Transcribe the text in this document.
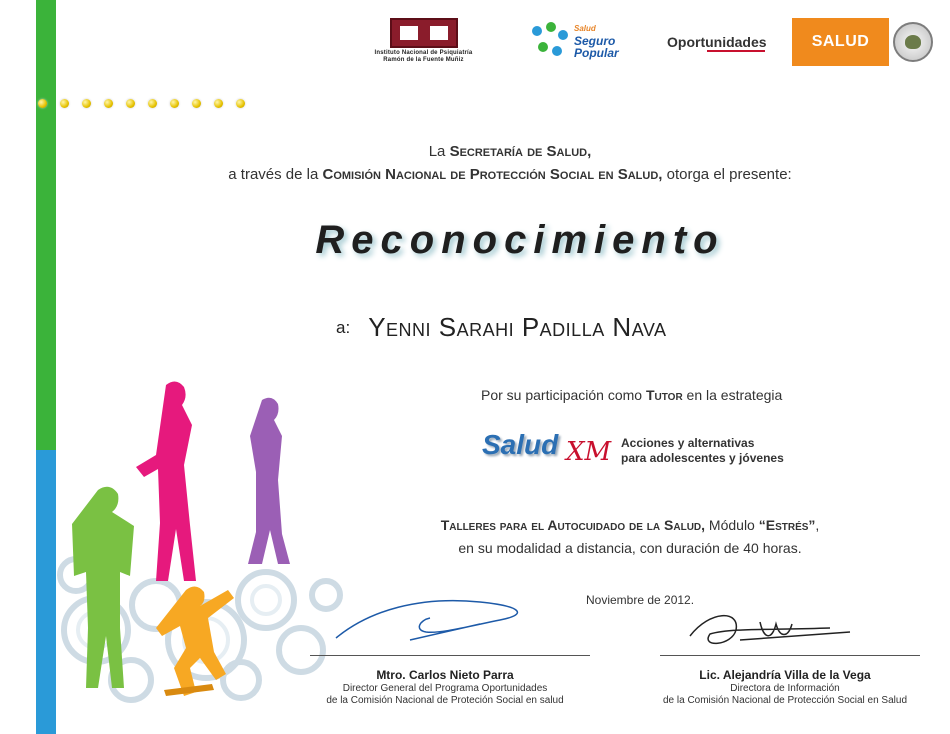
Instituto Nacional de Psiquiatría
Ramón de la Fuente Muñiz
Salud
Seguro
Popular
Oportunidades	SALUD
La Secretaría de Salud,
a través de la Comisión Nacional de Protección Social en Salud, otorga el presente:
Reconocimiento
a: Yenni Sarahi Padilla Nava
Por su participación como Tutor en la estrategia
Salud XM Acciones y alternativas
para adolescentes y jóvenes
Talleres para el Autocuidado de la Salud, Módulo “Estrés”,
en su modalidad a distancia, con duración de 40 horas.
Noviembre de 2012.
Mtro. Carlos Nieto Parra
Director General del Programa Oportunidades
de la Comisión Nacional de Proteción Social en salud
Lic. Alejandría Villa de la Vega
Directora de Información
de la Comisión Nacional de Protección Social en Salud
